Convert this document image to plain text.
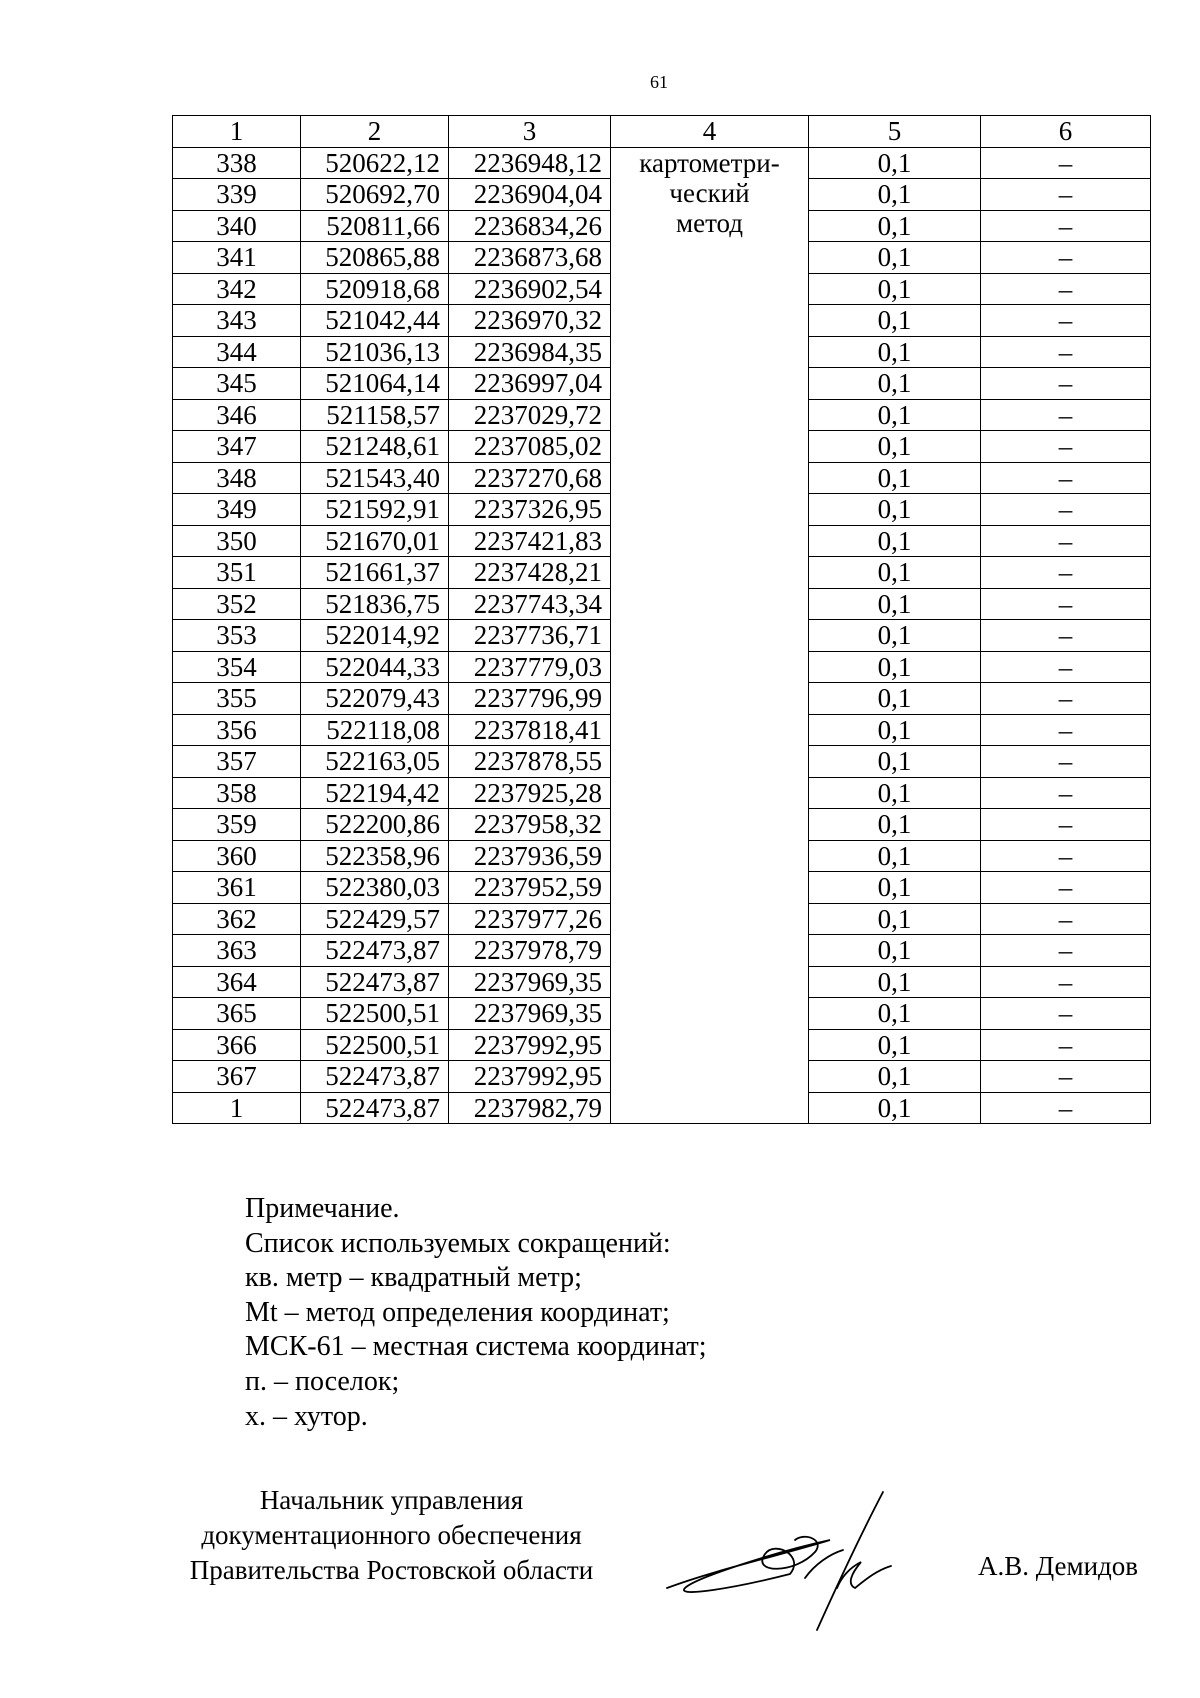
61
1	2	3	4	5	6
338	520622,12	2236948,12	картометри-
ческий
метод	0,1	–
339	520692,70	2236904,04		0,1	–
340	520811,66	2236834,26		0,1	–
341	520865,88	2236873,68		0,1	–
342	520918,68	2236902,54		0,1	–
343	521042,44	2236970,32		0,1	–
344	521036,13	2236984,35		0,1	–
345	521064,14	2236997,04		0,1	–
346	521158,57	2237029,72		0,1	–
347	521248,61	2237085,02		0,1	–
348	521543,40	2237270,68		0,1	–
349	521592,91	2237326,95		0,1	–
350	521670,01	2237421,83		0,1	–
351	521661,37	2237428,21		0,1	–
352	521836,75	2237743,34		0,1	–
353	522014,92	2237736,71		0,1	–
354	522044,33	2237779,03		0,1	–
355	522079,43	2237796,99		0,1	–
356	522118,08	2237818,41		0,1	–
357	522163,05	2237878,55		0,1	–
358	522194,42	2237925,28		0,1	–
359	522200,86	2237958,32		0,1	–
360	522358,96	2237936,59		0,1	–
361	522380,03	2237952,59		0,1	–
362	522429,57	2237977,26		0,1	–
363	522473,87	2237978,79		0,1	–
364	522473,87	2237969,35		0,1	–
365	522500,51	2237969,35		0,1	–
366	522500,51	2237992,95		0,1	–
367	522473,87	2237992,95		0,1	–
1	522473,87	2237982,79		0,1	–
Примечание.
Список используемых сокращений:
кв. метр – квадратный метр;
Mt – метод определения координат;
МСК-61 – местная система координат;
п. – поселок;
х. – хутор.
Начальник управления
документационного обеспечения
Правительства Ростовской области	А.В. Демидов
